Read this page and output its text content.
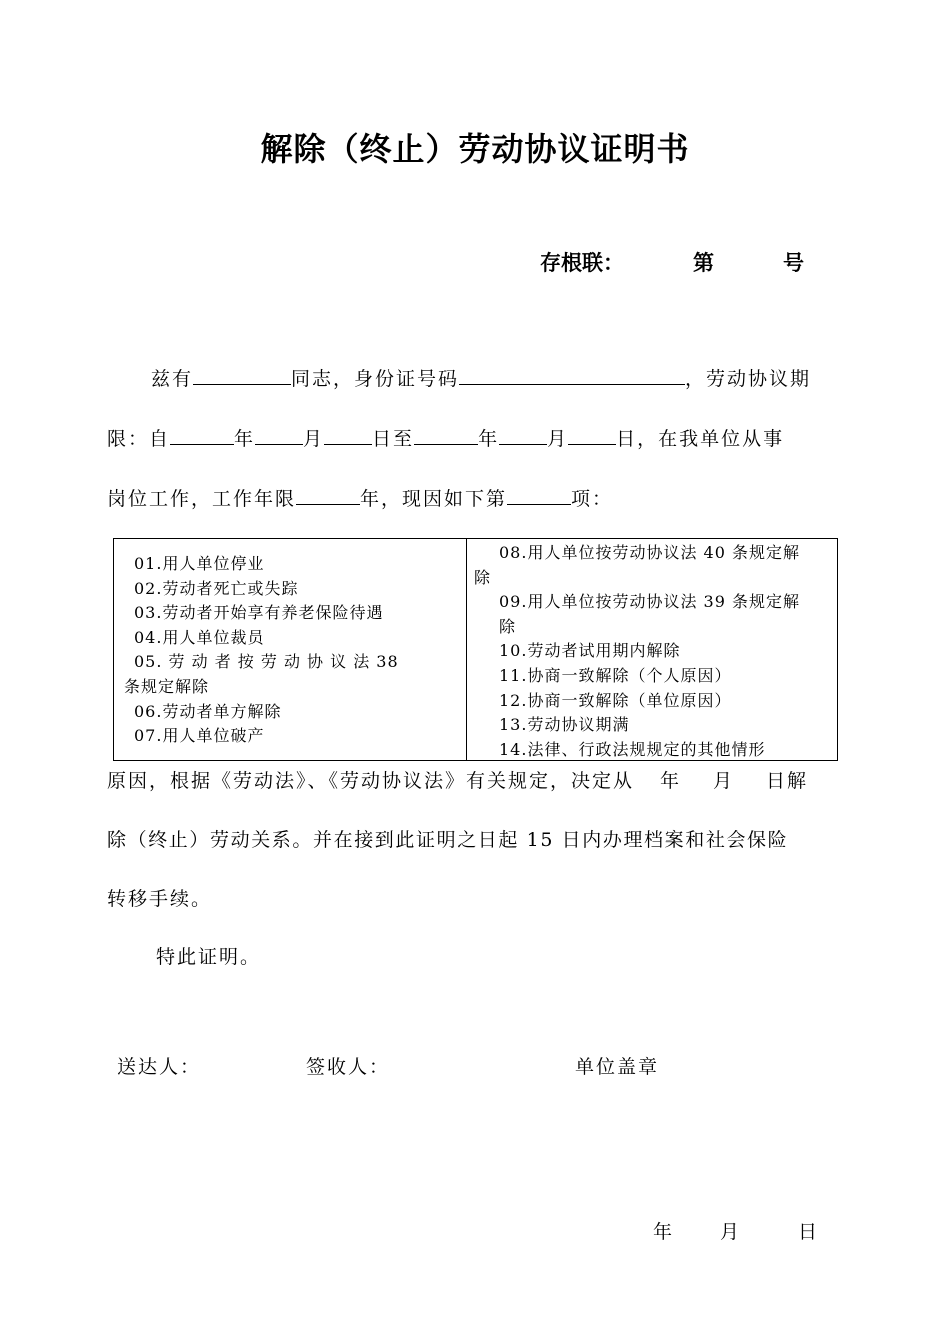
解除（终止）劳动协议证明书
存根联：	第	号
兹有	同志，身份证号码	，劳动协议期
限：自	年	月	日至	年	月	日，在我单位从事
岗位工作，工作年限	年，现因如下第	项：
01.用人单位停业
02.劳动者死亡或失踪
03.劳动者开始享有养老保险待遇
04.用人单位裁员
05. 劳 动 者 按 劳 动 协 议 法 38
条规定解除
06.劳动者单方解除
07.用人单位破产
08.用人单位按劳动协议法 40 条规定解
除
09.用人单位按劳动协议法 39 条规定解
除
10.劳动者试用期内解除
11.协商一致解除（个人原因）
12.协商一致解除（单位原因）
13.劳动协议期满
14.法律、行政法规规定的其他情形
原因，根据《劳动法》、《劳动协议法》有关规定，决定从 年 月 日解
除（终止）劳动关系。并在接到此证明之日起 15 日内办理档案和社会保险
转移手续。
特此证明。
送达人：	签收人：	单位盖章
年 月	日
